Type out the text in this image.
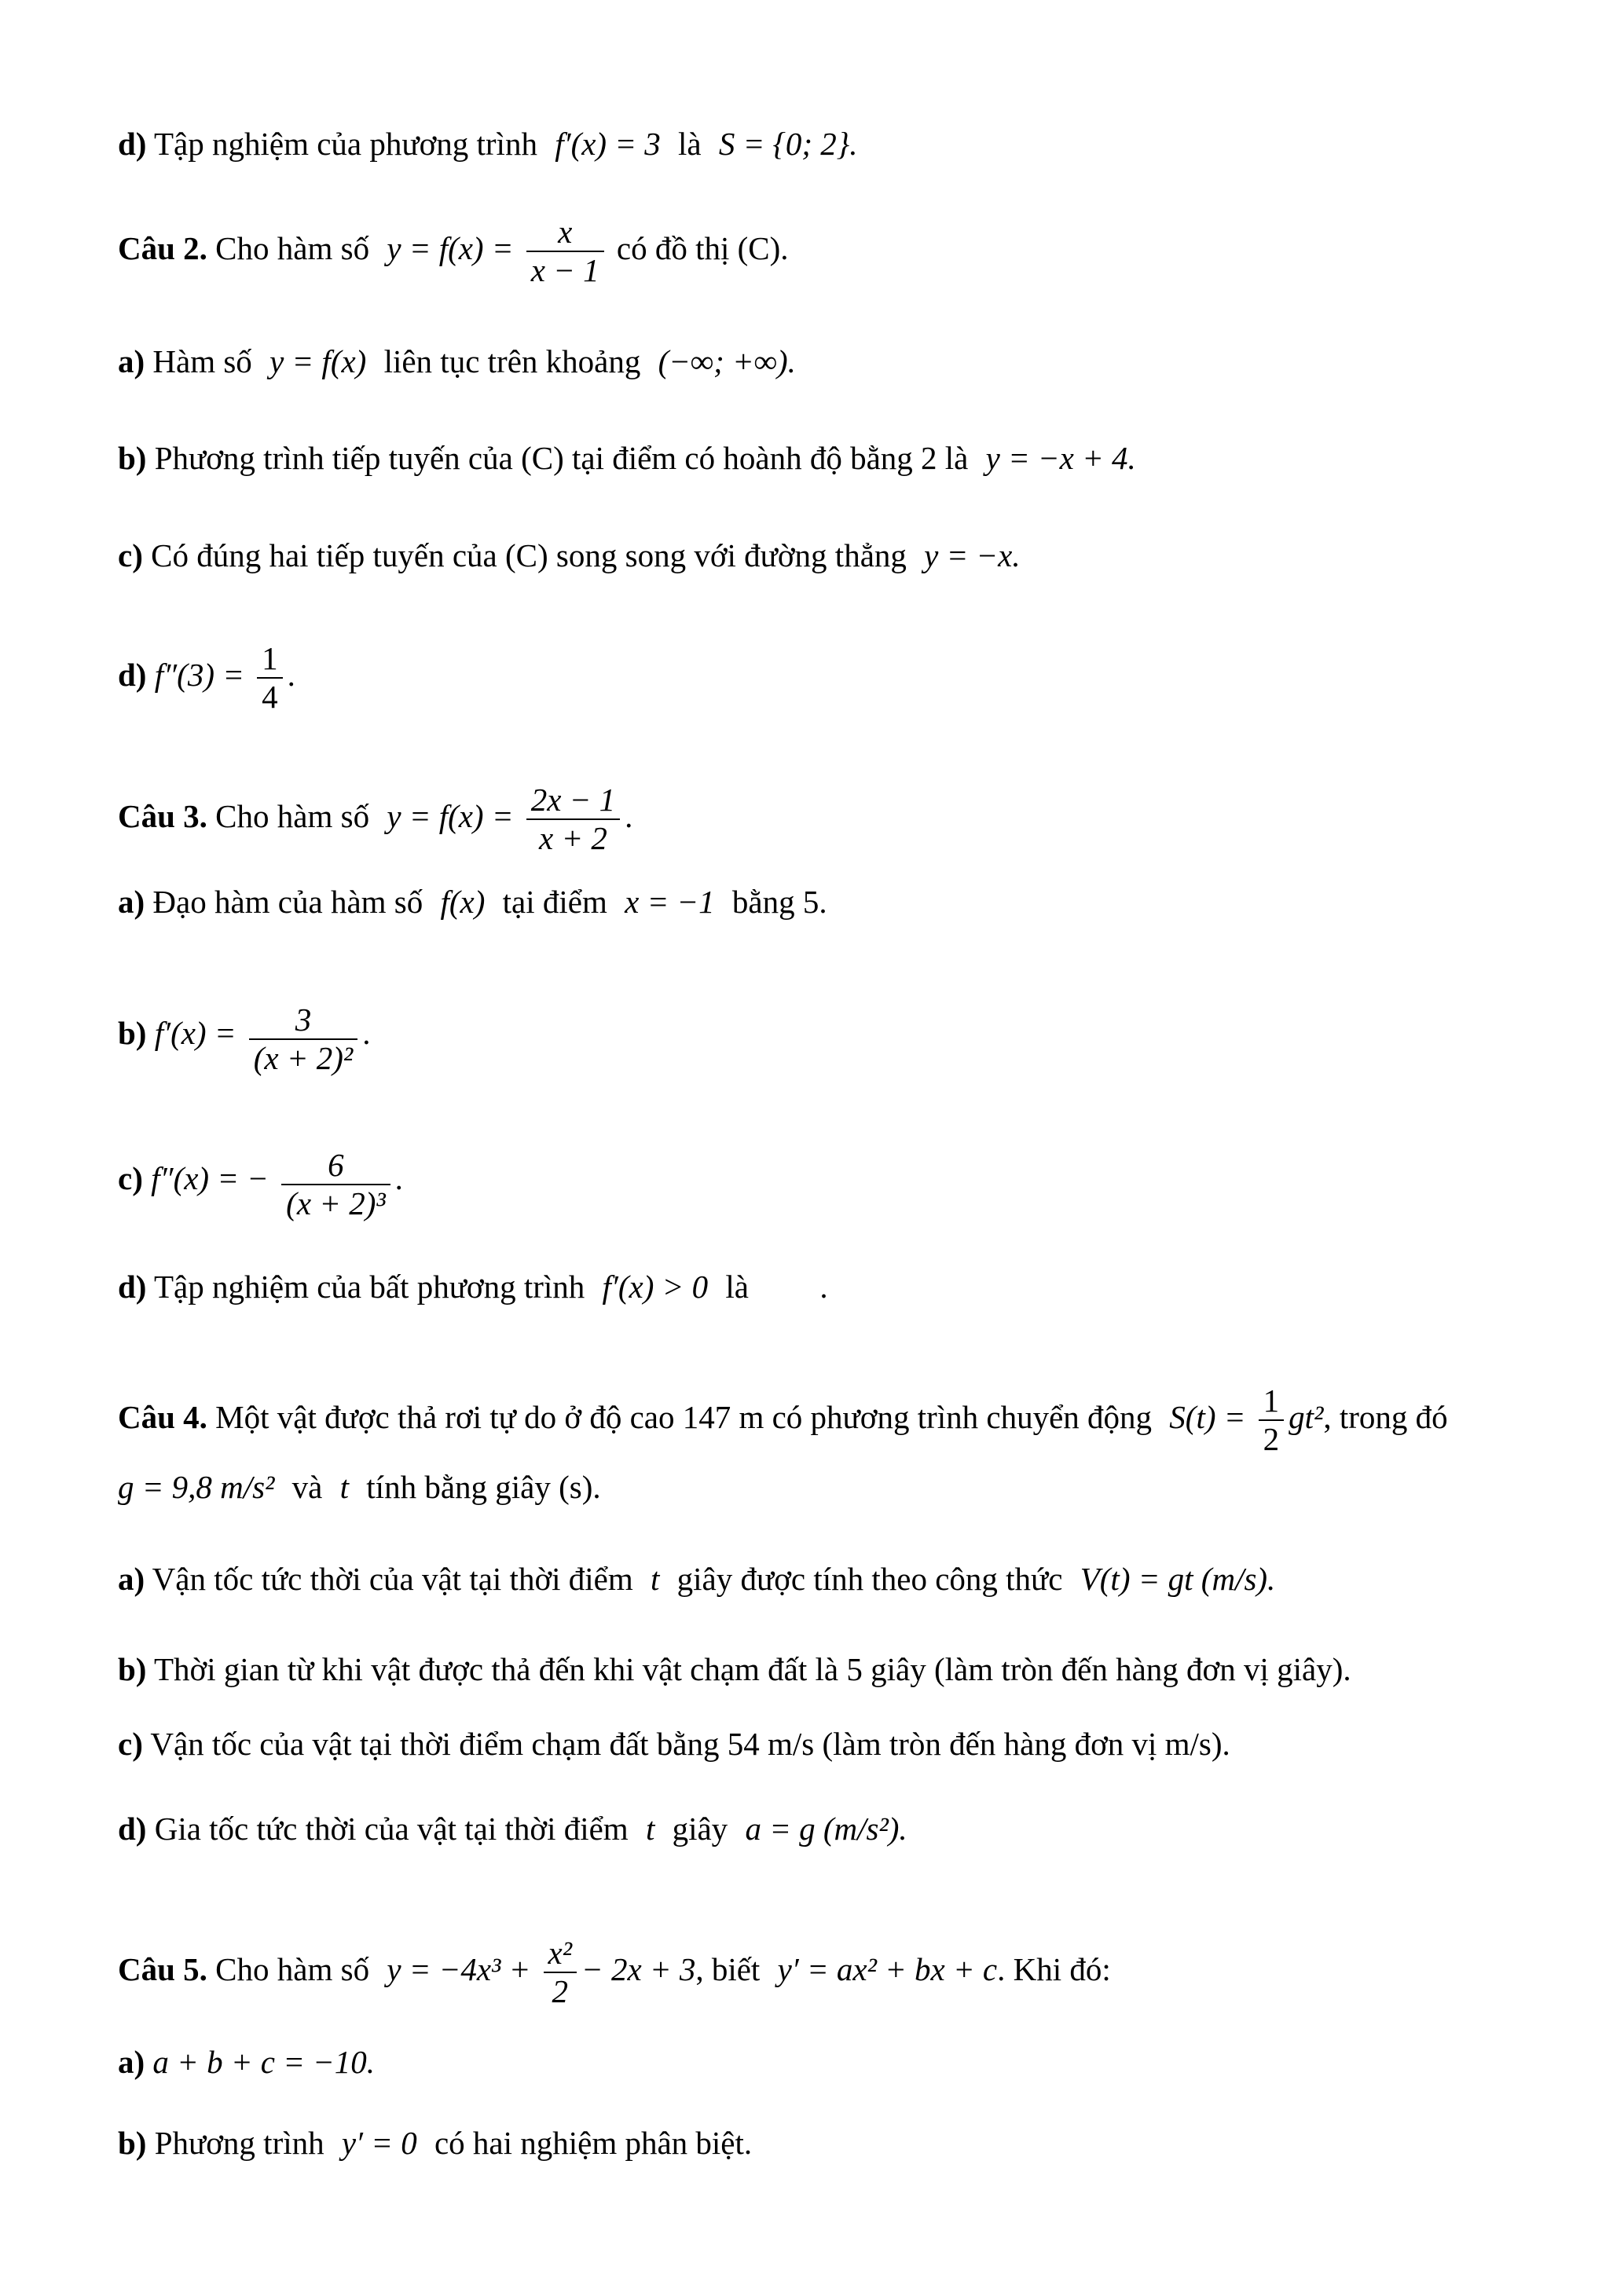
d) Tập nghiệm của phương trình f′(x) = 3 là S = {0; 2}.
Câu 2. Cho hàm số $y = f(x) = \frac{x}{x - 1}$ có đồ thị (C).
a) Hàm số y = f(x) liên tục trên khoảng (−∞; +∞).
b) Phương trình tiếp tuyến của (C) tại điểm có hoành độ bằng 2 là y = −x + 4.
c) Có đúng hai tiếp tuyến của (C) song song với đường thẳng y = −x.
d) $f''(3) = \frac{1}{4}$ .
Câu 3. Cho hàm số $y = f(x) = \frac{2x - 1}{x + 2}$ .
a) Đạo hàm của hàm số f(x) tại điểm x = −1 bằng 5.
b) $f'(x) = \frac{3}{\text{(x + 2)²}}$ .
c) f″(x) = − $\frac{6}{\text{(x + 2)³}}$ .
d) Tập nghiệm của bất phương trình f′(x) > 0 là .
Câu 4. Một vật được thả rơi tự do ở độ cao 147 m có phương trình chuyển động $S(t) = \frac{1}{2} gt^2$, trong đó
g = 9,8 m/s² và t tính bằng giây (s).
a) Vận tốc tức thời của vật tại thời điểm t giây được tính theo công thức V(t) = gt (m/s).
b) Thời gian từ khi vật được thả đến khi vật chạm đất là 5 giây (làm tròn đến hàng đơn vị giây).
c) Vận tốc của vật tại thời điểm chạm đất bằng 54 m/s (làm tròn đến hàng đơn vị m/s).
d) Gia tốc tức thời của vật tại thời điểm t giây a = g (m/s²).
Câu 5. Cho hàm số $y = -4x^3 + \frac{\text{x²}}{2} - 2x + 3$, biết y′ = ax² + bx + c. Khi đó:
a) a + b + c = −10.
b) Phương trình y′ = 0 có hai nghiệm phân biệt.
